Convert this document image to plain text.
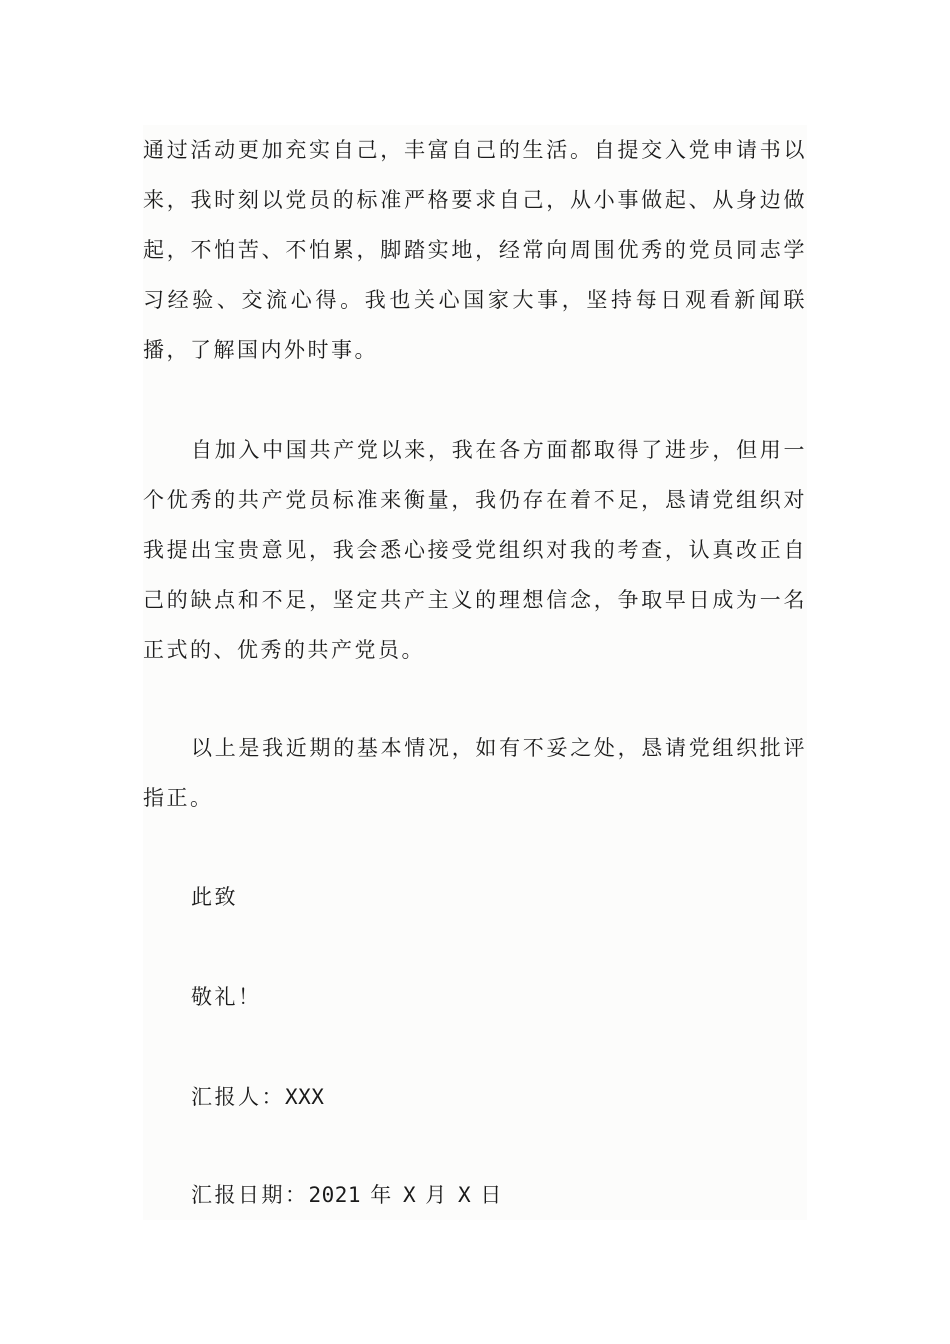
通过活动更加充实自己，丰富自己的生活。自提交入党申请书以来，我时刻以党员的标准严格要求自己，从小事做起、从身边做起，不怕苦、不怕累，脚踏实地，经常向周围优秀的党员同志学习经验、交流心得。我也关心国家大事，坚持每日观看新闻联播，了解国内外时事。

自加入中国共产党以来，我在各方面都取得了进步，但用一个优秀的共产党员标准来衡量，我仍存在着不足，恳请党组织对我提出宝贵意见，我会悉心接受党组织对我的考查，认真改正自己的缺点和不足，坚定共产主义的理想信念，争取早日成为一名正式的、优秀的共产党员。

以上是我近期的基本情况，如有不妥之处，恳请党组织批评指正。

此致

敬礼！

汇报人：XXX

汇报日期：2021 年 X 月 X 日
